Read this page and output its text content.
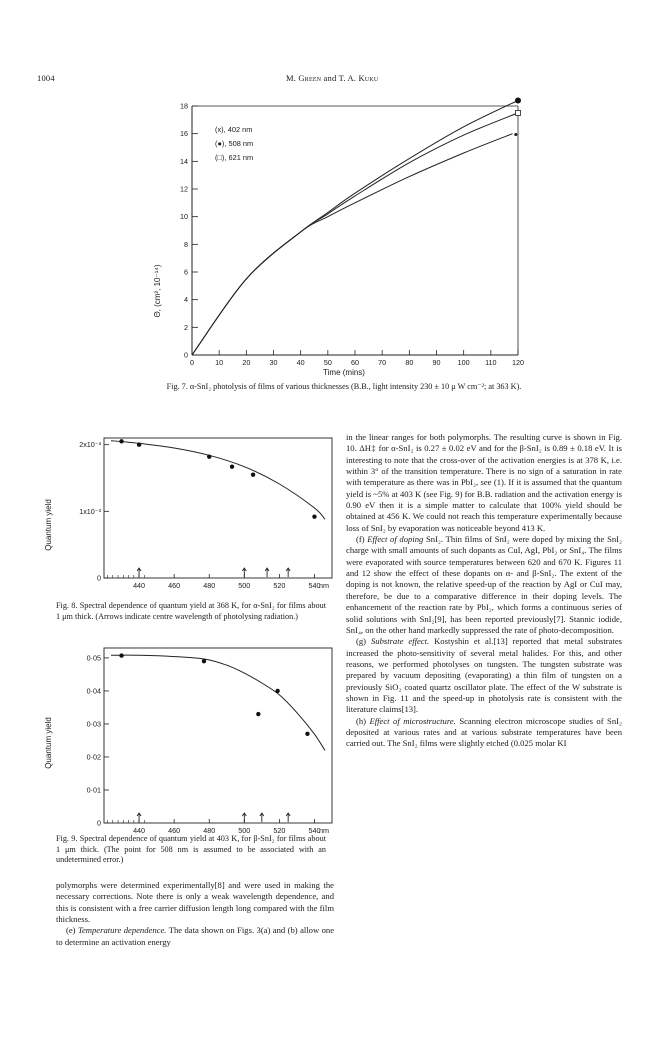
1004	M. Green and T. A. Kuku
0	10	20	30	40	50	60	70	80	90 100 110 120
0
2
4
6
8
10
12
14
16
18
●
(x), 402 nm
(●), 508 nm
(□), 621 nm
Time (mins)
Θ, (cm², 10⁻¹⁴)
Fig. 7. α-SnI₂ photolysis of films of various thicknesses (B.B., light intensity 230 ± 10 μ W cm⁻²; at 363 K).
0
1x10⁻³
2x10⁻³
440	460	480	500	520	540
nm
Quantum yield
Fig. 8. Spectral dependence of quantum yield at 368 K, for α-SnI₂ for films about 1 μm thick. (Arrows indicate centre wavelength of photolysing radiation.)
0
0·01
0·02
0·03
0·04
0·05
440	460	480	500	520	540
nm
Quantum yield
Fig. 9. Spectral dependence of quantum yield at 403 K, for β-SnI₂ for films about 1 μm thick. (The point for 508 nm is assumed to be associated with an undetermined error.)

polymorphs were determined experimentally[8] and were used in making the necessary corrections. Note there is only a weak wavelength dependence, and this is consistent with a free carrier diffusion length long compared with the film thickness.

(e) Temperature dependence. The data shown on Figs. 3(a) and (b) allow one to determine an activation energy

in the linear ranges for both polymorphs. The resulting curve is shown in Fig. 10. ΔH‡ for α-SnI₂ is 0.27 ± 0.02 eV and for the β-SnI₂ is 0.89 ± 0.18 eV. It is interesting to note that the cross-over of the activation energies is at 378 K, i.e. within 3° of the transition temperature. There is no sign of a saturation in rate with temperature as there was in PbI₂, see (1). If it is assumed that the quantum yield is ~5% at 403 K (see Fig. 9) for B.B. radiation and the activation energy is 0.90 eV then it is a simple matter to calculate that 100% yield should be obtained at 456 K. We could not reach this temperature experimentally because loss of SnI₂ by evaporation was noticeable beyond 413 K.

(f) Effect of doping SnI₂. Thin films of SnI₂ were doped by mixing the SnI₂ charge with small amounts of such dopants as CuI, AgI, PbI₂ or SnI₄. The films were evaporated with source temperatures between 620 and 670 K. Figures 11 and 12 show the effect of these dopants on α- and β-SnI₂. The extent of the doping is not known, the relative speed-up of the reaction by AgI or CuI may, therefore, be due to a comparative difference in their doping levels. The enhancement of the reaction rate by PbI₂, which forms a continuous series of solid solutions with SnI₂[9], has been reported previously[7]. Stannic iodide, SnI₄, on the other hand markedly suppressed the rate of photo-decomposition.

(g) Substrate effect. Kostyshin et al.[13] reported that metal substrates increased the photo-sensitivity of several metal halides. For this, and other reasons, we performed photolyses on tungsten. The tungsten substrate was prepared by vacuum depositing (evaporating) a thin film of tungsten on a previously SiO₂ coated quartz oscillator plate. The effect of the W substrate is shown in Fig. 11 and the speed-up in photolysis rate is consistent with the literature claims[13].

(h) Effect of microstructure. Scanning electron microscope studies of SnI₂ deposited at various rates and at various substrate temperatures have been carried out. The SnI₂ films were slightly etched (0.025 molar KI
